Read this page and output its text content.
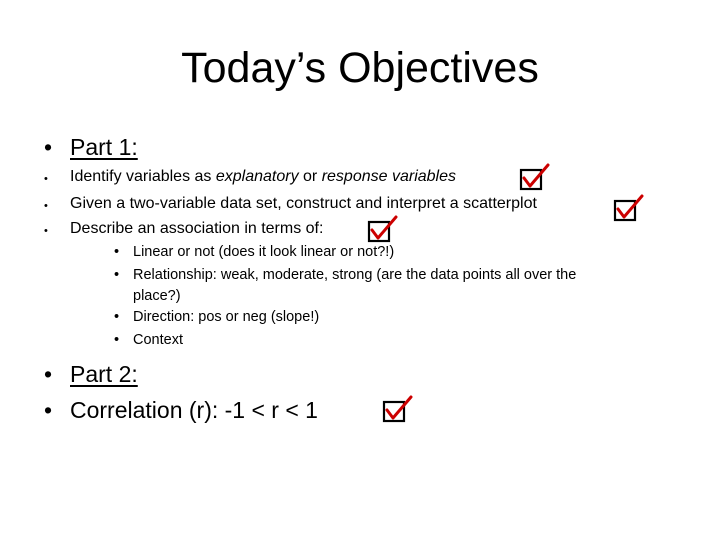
Today’s Objectives
• Part 1:
• Identify variables as explanatory or response variables
• Given a two-variable data set, construct and interpret a scatterplot
• Describe an association in terms of:
• Linear or not (does it look linear or not?!)
• Relationship: weak, moderate, strong (are the data points all over the place?)
• Direction: pos or neg (slope!)
• Context
• Part 2:
• Correlation (r): -1 < r < 1
